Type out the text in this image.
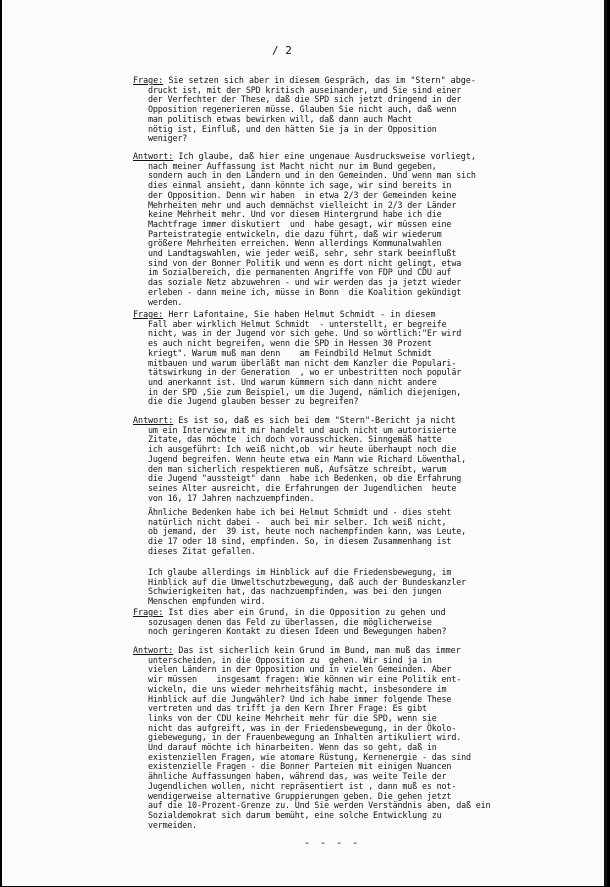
/ 2
Frage: Sie setzen sich aber in diesem Gespräch, das im "Stern" abge-
druckt ist, mit der SPD kritisch auseinander, und Sie sind einer
der Verfechter der These, daß die SPD sich jetzt dringend in der
Opposition regenerieren müsse. Glauben Sie nicht auch, daß wenn
man politisch etwas bewirken will, daß dann auch Macht
nötig ist, Einfluß, und den hätten Sie ja in der Opposition
weniger?
Antwort: Ich glaube, daß hier eine ungenaue Ausdrucksweise vorliegt,
nach meiner Auffassung ist Macht nicht nur im Bund gegeben,
sondern auch in den Ländern und in den Gemeinden. Und wenn man sich
dies einmal ansieht, dann könnte ich sage, wir sind bereits in
der Opposition. Denn wir haben  in etwa 2/3 der Gemeinden keine
Mehrheiten mehr und auch demnächst vielleicht in 2/3 der Länder
keine Mehrheit mehr. Und vor diesem Hintergrund habe ich die
Machtfrage immer diskutiert  und  habe gesagt, wir müssen eine
Parteistrategie entwickeln, die dazu führt, daß wir wiederum
größere Mehrheiten erreichen. Wenn allerdings Kommunalwahlen
und Landtagswahlen, wie jeder weiß, sehr, sehr stark beeinflußt
sind von der Bonner Politik und wenn es dort nicht gelingt, etwa
im Sozialbereich, die permanenten Angriffe von FDP und CDU auf
das soziale Netz abzuwehren - und wir werden das ja jetzt wieder
erleben - dann meine ich, müsse in Bonn  die Koalition gekündigt
werden.
Frage: Herr Lafontaine, Sie haben Helmut Schmidt - in diesem
Fall aber wirklich Helmut Schmidt  - unterstellt, er begreife
nicht, was in der Jugend vor sich gehe. Und so wörtlich:"Er wird
es auch nicht begreifen, wenn die SPD in Hessen 30 Prozent
kriegt". Warum muß man denn    am Feindbild Helmut Schmidt
mitbauen und warum überläßt man nicht dem Kanzler die Populari-
tätswirkung in der Generation  , wo er unbestritten noch populär
und anerkannt ist. Und warum kümmern sich dann nicht andere
in der SPD ,Sie zum Beispiel, um die Jugend, nämlich diejenigen,
die die Jugend glauben besser zu begreifen?
Antwort: Es ist so, daß es sich bei dem "Stern"-Bericht ja nicht
um ein Interview mit mir handelt und auch nicht um autorisierte
Zitate, das möchte  ich doch vorausschicken. Sinngemäß hatte
ich ausgeführt: Ich weiß nicht,ob  wir heute überhaupt noch die
Jugend begreifen. Wenn heute etwa ein Mann wie Richard Löwenthal,
den man sicherlich respektieren muß, Aufsätze schreibt, warum
die Jugend "aussteigt" dann  habe ich Bedenken, ob die Erfahrung
seines Alter ausreicht, die Erfahrungen der Jugendlichen  heute
von 16, 17 Jahren nachzuempfinden.
Ähnliche Bedenken habe ich bei Helmut Schmidt und - dies steht
natürlich nicht dabei -  auch bei mir selber. Ich weiß nicht,
ob jemand, der  39 ist, heute noch nachempfinden kann, was Leute,
die 17 oder 18 sind, empfinden. So, in diesem Zusammenhang ist
dieses Zitat gefallen.
Ich glaube allerdings im Hinblick auf die Friedensbewegung, im
Hinblick auf die Umweltschutzbewegung, daß auch der Bundeskanzler
Schwierigkeiten hat, das nachzuempfinden, was bei den jungen
Menschen empfunden wird.
Frage: Ist dies aber ein Grund, in die Opposition zu gehen und
sozusagen denen das Feld zu überlassen, die möglicherweise
noch geringeren Kontakt zu diesen Ideen und Bewegungen haben?
Antwort: Das ist sicherlich kein Grund im Bund, man muß das immer
unterscheiden, in die Opposition zu  gehen. Wir sind ja in
vielen Ländern in der Opposition und in vielen Gemeinden. Aber
wir müssen    insgesamt fragen: Wie können wir eine Politik ent-
wickeln, die uns wieder mehrheitsfähig macht, insbesondere im
Hinblick auf die Jungwähler? Und ich habe immer folgende These
vertreten und das trifft ja den Kern Ihrer Frage: Es gibt
links von der CDU keine Mehrheit mehr für die SPD, wenn sie
nicht das aufgreift, was in der Friedensbewegung, in der Ökolo-
giebewegung, in der Frauenbewegung an Inhalten artikuliert wird.
Und darauf möchte ich hinarbeiten. Wenn das so geht, daß in
existenziellen Fragen, wie atomare Rüstung, Kernenergie - das sind
existenzielle Fragen - die Bonner Parteien mit einigen Nuancen
ähnliche Auffassungen haben, während das, was weite Teile der
Jugendlichen wollen, nicht repräsentiert ist , dann muß es not-
wendigerweise alternative Gruppierungen geben. Die gehen jetzt
auf die 10-Prozent-Grenze zu. Und Sie werden Verständnis aben, daß ein
Sozialdemokrat sich darum bemüht, eine solche Entwicklung zu
vermeiden.
- - - -
